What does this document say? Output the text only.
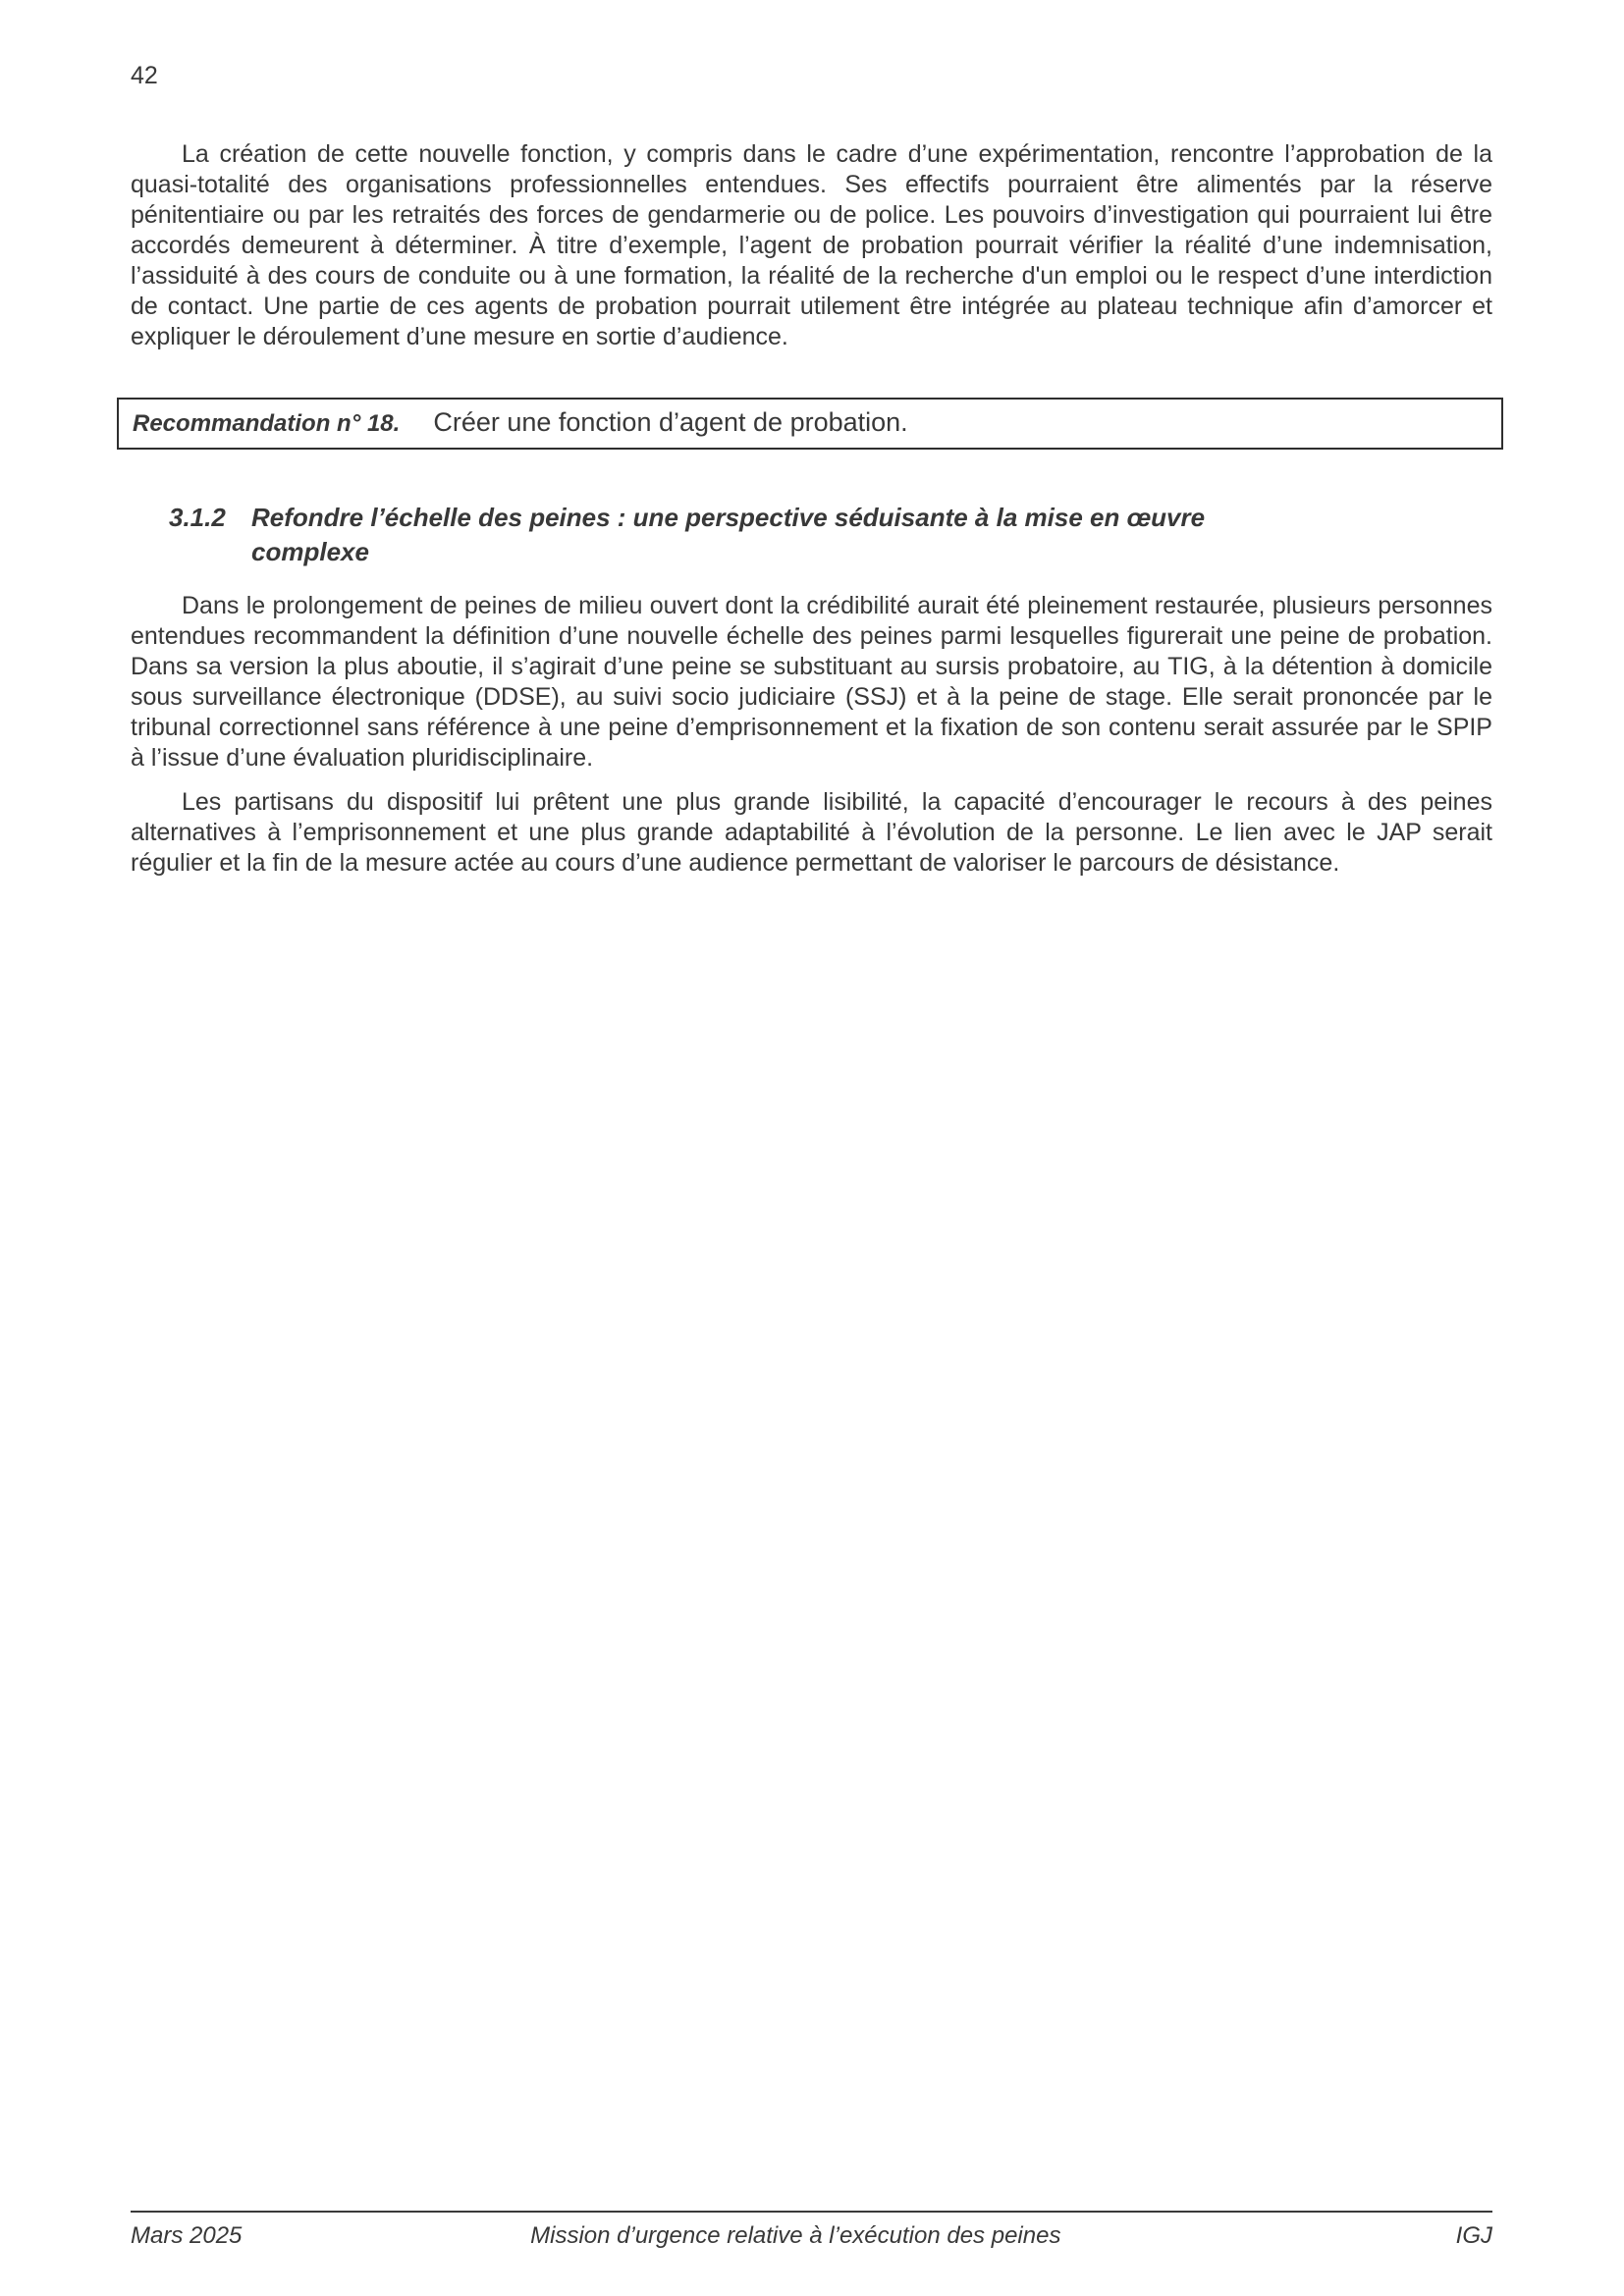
42

La création de cette nouvelle fonction, y compris dans le cadre d’une expérimentation, rencontre l’approbation de la quasi-totalité des organisations professionnelles entendues. Ses effectifs pourraient être alimentés par la réserve pénitentiaire ou par les retraités des forces de gendarmerie ou de police. Les pouvoirs d’investigation qui pourraient lui être accordés demeurent à déterminer. À titre d’exemple, l’agent de probation pourrait vérifier la réalité d’une indemnisation, l’assiduité à des cours de conduite ou à une formation, la réalité de la recherche d'un emploi ou le respect d’une interdiction de contact. Une partie de ces agents de probation pourrait utilement être intégrée au plateau technique afin d’amorcer et expliquer le déroulement d’une mesure en sortie d’audience.

Recommandation n° 18. Créer une fonction d’agent de probation.
3.1.2	Refondre l’échelle des peines : une perspective séduisante à la mise en œuvre complexe

Dans le prolongement de peines de milieu ouvert dont la crédibilité aurait été pleinement restaurée, plusieurs personnes entendues recommandent la définition d’une nouvelle échelle des peines parmi lesquelles figurerait une peine de probation. Dans sa version la plus aboutie, il s’agirait d’une peine se substituant au sursis probatoire, au TIG, à la détention à domicile sous surveillance électronique (DDSE), au suivi socio judiciaire (SSJ) et à la peine de stage. Elle serait prononcée par le tribunal correctionnel sans référence à une peine d’emprisonnement et la fixation de son contenu serait assurée par le SPIP à l’issue d’une évaluation pluridisciplinaire.

Les partisans du dispositif lui prêtent une plus grande lisibilité, la capacité d’encourager le recours à des peines alternatives à l’emprisonnement et une plus grande adaptabilité à l’évolution de la personne. Le lien avec le JAP serait régulier et la fin de la mesure actée au cours d’une audience permettant de valoriser le parcours de désistance.

Mars 2025	Mission d’urgence relative à l’exécution des peines	IGJ
